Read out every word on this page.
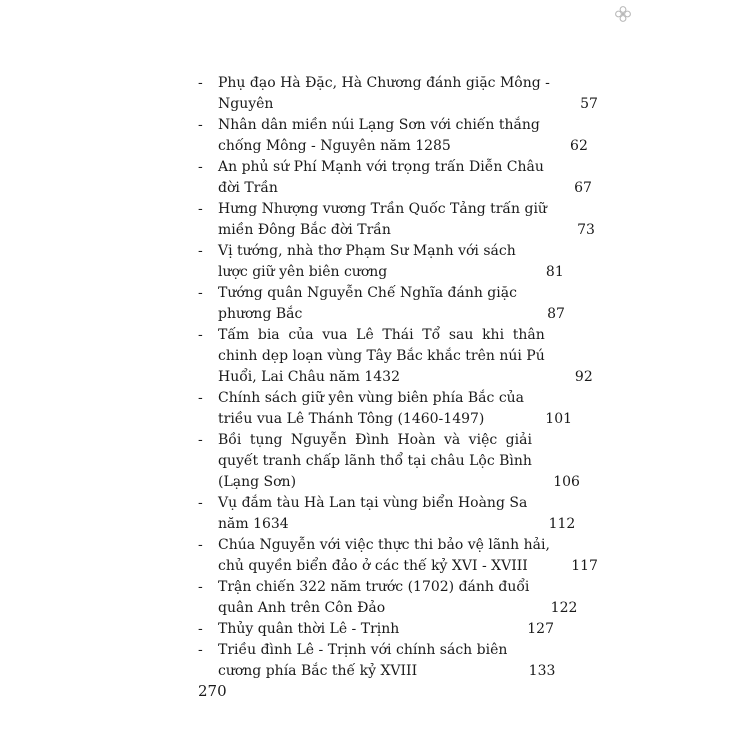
-	Phụ đạo Hà Đặc, Hà Chương đánh giặc Mông -
Nguyên	57
-	Nhân dân miền núi Lạng Sơn với chiến thắng
chống Mông - Nguyên năm 1285	62
-	An phủ sứ Phí Mạnh với trọng trấn Diễn Châu
đời Trần	67
-	Hưng Nhượng vương Trần Quốc Tảng trấn giữ
miền Đông Bắc đời Trần	73
-	Vị tướng, nhà thơ Phạm Sư Mạnh với sách
lược giữ yên biên cương	81
-	Tướng quân Nguyễn Chế Nghĩa đánh giặc
phương Bắc	87
-	Tấm bia của vua Lê Thái Tổ sau khi thân
chinh dẹp loạn vùng Tây Bắc khắc trên núi Pú
Huổi, Lai Châu năm 1432	92
-	Chính sách giữ yên vùng biên phía Bắc của
triều vua Lê Thánh Tông (1460-1497)	101
-	Bồi tụng Nguyễn Đình Hoàn và việc giải
quyết tranh chấp lãnh thổ tại châu Lộc Bình
(Lạng Sơn)	106
-	Vụ đắm tàu Hà Lan tại vùng biển Hoàng Sa
năm 1634	112
-	Chúa Nguyễn với việc thực thi bảo vệ lãnh hải,
chủ quyền biển đảo ở các thế kỷ XVI - XVIII	117
-	Trận chiến 322 năm trước (1702) đánh đuổi
quân Anh trên Côn Đảo	122
-	Thủy quân thời Lê - Trịnh	127
-	Triều đình Lê - Trịnh với chính sách biên
cương phía Bắc thế kỷ XVIII	133
270
